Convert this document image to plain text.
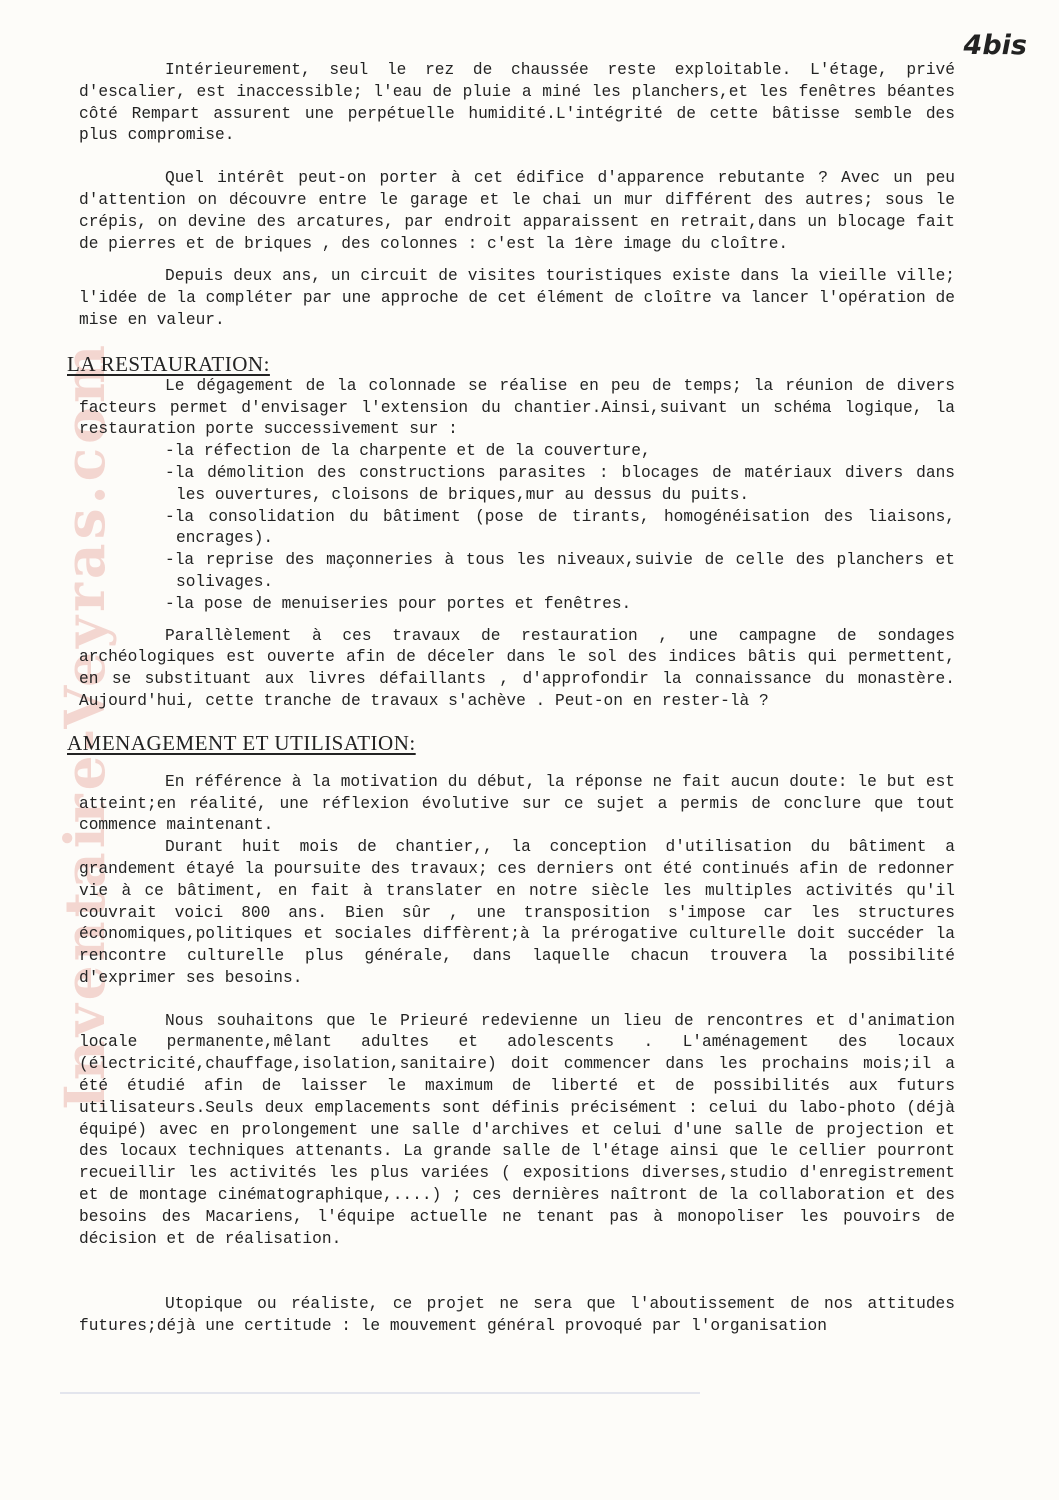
4bis
Inventaire-Veyras.com

Intérieurement, seul le rez de chaussée reste exploitable. L'étage, privé d'escalier, est inaccessible; l'eau de pluie a miné les planchers,et les fenêtres béantes côté Rempart assurent une perpétuelle humidité.L'intégrité de cette bâtisse semble des plus compromise.

Quel intérêt peut-on porter à cet édifice d'apparence rebutante ? Avec un peu d'attention on découvre entre le garage et le chai un mur différent des autres; sous le crépis, on devine des arcatures, par endroit apparaissent en retrait,dans un blocage fait de pierres et de briques , des colonnes : c'est la 1ère image du cloître.

Depuis deux ans, un circuit de visites touristiques existe dans la vieille ville; l'idée de la compléter par une approche de cet élément de cloître va lancer l'opération de mise en valeur.

LA RESTAURATION:

Le dégagement de la colonnade se réalise en peu de temps; la réunion de divers facteurs permet d'envisager l'extension du chantier.Ainsi,suivant un schéma logique, la restauration porte successivement sur :

-la réfection de la charpente et de la couverture,
-la démolition des constructions parasites : blocages de matériaux divers dans les ouvertures, cloisons de briques,mur au dessus du puits.
-la consolidation du bâtiment (pose de tirants, homogénéisation des liaisons, encrages).
-la reprise des maçonneries à tous les niveaux,suivie de celle des planchers et solivages.
-la pose de menuiseries pour portes et fenêtres.

Parallèlement à ces travaux de restauration , une campagne de sondages archéologiques est ouverte afin de déceler dans le sol des indices bâtis qui permettent, en se substituant aux livres défaillants , d'approfondir la connaissance du monastère. Aujourd'hui, cette tranche de travaux s'achève . Peut-on en rester-là ?

AMENAGEMENT ET UTILISATION:

En référence à la motivation du début, la réponse ne fait aucun doute: le but est atteint;en réalité, une réflexion évolutive sur ce sujet a permis de conclure que tout commence maintenant.

Durant huit mois de chantier,, la conception d'utilisation du bâtiment a grandement étayé la poursuite des travaux; ces derniers ont été continués afin de redonner vie à ce bâtiment, en fait à translater en notre siècle les multiples activités qu'il couvrait voici 800 ans. Bien sûr , une transposition s'impose car les structures économiques,politiques et sociales diffèrent;à la prérogative culturelle doit succéder la rencontre culturelle plus générale, dans laquelle chacun trouvera la possibilité d'exprimer ses besoins.

Nous souhaitons que le Prieuré redevienne un lieu de rencontres et d'animation locale permanente,mêlant adultes et adolescents . L'aménagement des locaux (électricité,chauffage,isolation,sanitaire) doit commencer dans les prochains mois;il a été étudié afin de laisser le maximum de liberté et de possibilités aux futurs utilisateurs.Seuls deux emplacements sont définis précisément : celui du labo-photo (déjà équipé) avec en prolongement une salle d'archives et celui d'une salle de projection et des locaux techniques attenants. La grande salle de l'étage ainsi que le cellier pourront recueillir les activités les plus variées ( expositions diverses,studio d'enregistrement et de montage cinématographique,....) ; ces dernières naîtront de la collaboration et des besoins des Macariens, l'équipe actuelle ne tenant pas à monopoliser les pouvoirs de décision et de réalisation.

Utopique ou réaliste, ce projet ne sera que l'aboutissement de nos attitudes futures;déjà une certitude : le mouvement général provoqué par l'organisation
